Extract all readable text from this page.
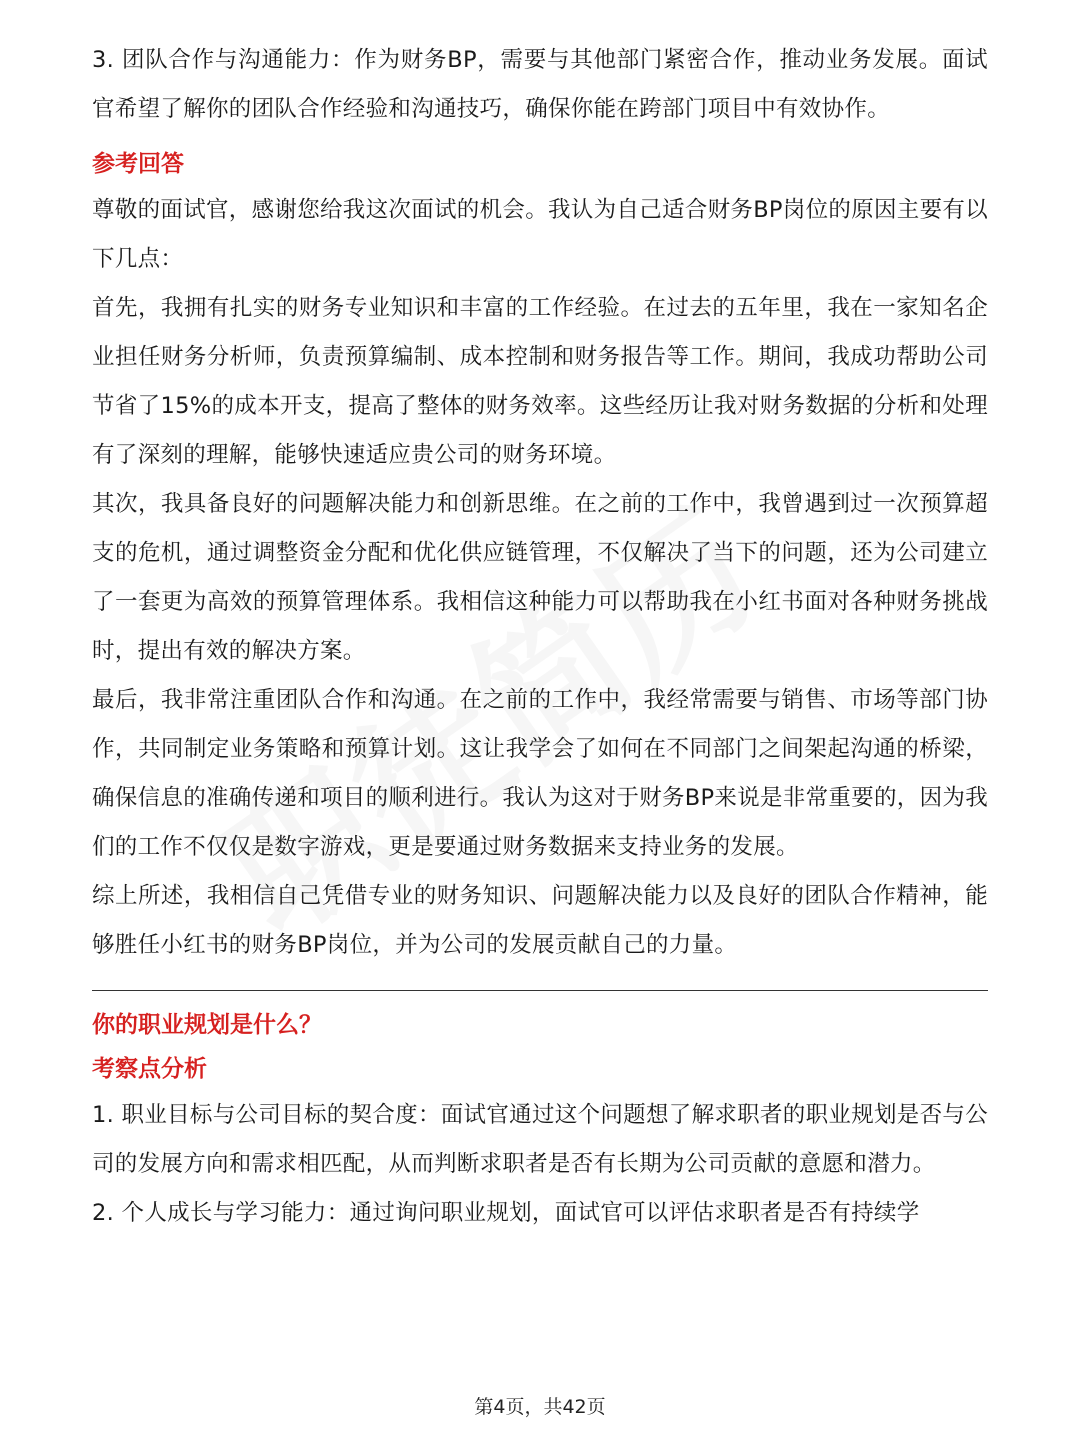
3. 团队合作与沟通能力：作为财务BP，需要与其他部门紧密合作，推动业务发展。面试官希望了解你的团队合作经验和沟通技巧，确保你能在跨部门项目中有效协作。

参考回答

尊敬的面试官，感谢您给我这次面试的机会。我认为自己适合财务BP岗位的原因主要有以下几点：

首先，我拥有扎实的财务专业知识和丰富的工作经验。在过去的五年里，我在一家知名企业担任财务分析师，负责预算编制、成本控制和财务报告等工作。期间，我成功帮助公司节省了15%的成本开支，提高了整体的财务效率。这些经历让我对财务数据的分析和处理有了深刻的理解，能够快速适应贵公司的财务环境。

其次，我具备良好的问题解决能力和创新思维。在之前的工作中，我曾遇到过一次预算超支的危机，通过调整资金分配和优化供应链管理，不仅解决了当下的问题，还为公司建立了一套更为高效的预算管理体系。我相信这种能力可以帮助我在小红书面对各种财务挑战时，提出有效的解决方案。

最后，我非常注重团队合作和沟通。在之前的工作中，我经常需要与销售、市场等部门协作，共同制定业务策略和预算计划。这让我学会了如何在不同部门之间架起沟通的桥梁，确保信息的准确传递和项目的顺利进行。我认为这对于财务BP来说是非常重要的，因为我们的工作不仅仅是数字游戏，更是要通过财务数据来支持业务的发展。

综上所述，我相信自己凭借专业的财务知识、问题解决能力以及良好的团队合作精神，能够胜任小红书的财务BP岗位，并为公司的发展贡献自己的力量。

你的职业规划是什么？

考察点分析

1. 职业目标与公司目标的契合度：面试官通过这个问题想了解求职者的职业规划是否与公司的发展方向和需求相匹配，从而判断求职者是否有长期为公司贡献的意愿和潜力。

2. 个人成长与学习能力：通过询问职业规划，面试官可以评估求职者是否有持续学

第4页，共42页
